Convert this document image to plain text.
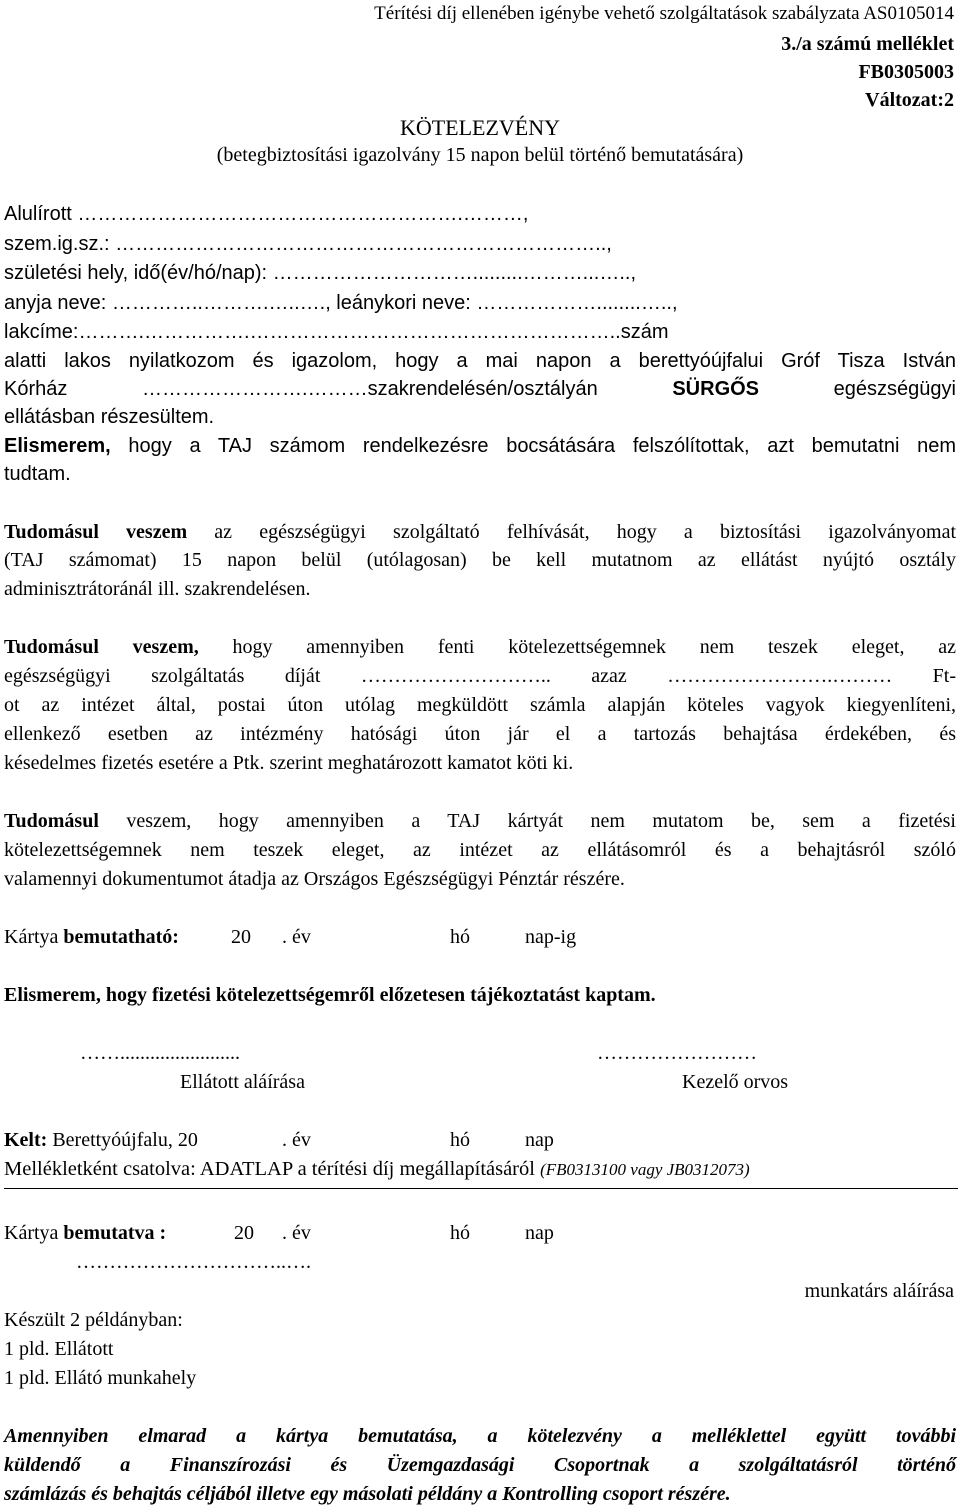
Térítési díj ellenében igénybe vehető szolgáltatások szabályzata AS0105014
3./a számú melléklet
FB0305003
Változat:2
KÖTELEZVÉNY
(betegbiztosítási igazolvány 15 napon belül történő bemutatására)
Alulírott ………………………………………………….………,
szem.ig.sz.: ………………………………………………………………..,
születési hely, idő(év/hó/nap): ………………………….........………...…..,
anyja neve: …………..……….…..…., leánykori neve: ………………........…..,
lakcíme:……….…………….………………………………………………..szám
alatti lakos nyilatkozom és igazolom, hogy a mai napon a berettyóújfalui Gróf Tisza István
Kórház …………………….………szakrendelésén/osztályán SÜRGŐS egészségügyi
ellátásban részesültem.
Elismerem, hogy a TAJ számom rendelkezésre bocsátására felszólítottak, azt bemutatni nem
tudtam.
Tudomásul veszem az egészségügyi szolgáltató felhívását, hogy a biztosítási igazolványomat
(TAJ számomat) 15 napon belül (utólagosan) be kell mutatnom az ellátást nyújtó osztály
adminisztrátoránál ill. szakrendelésen.
Tudomásul veszem, hogy amennyiben fenti kötelezettségemnek nem teszek eleget, az
egészségügyi szolgáltatás díját ……………………….. azaz …………………….……… Ft-
ot az intézet által, postai úton utólag megküldött számla alapján köteles vagyok kiegyenlíteni,
ellenkező esetben az intézmény hatósági úton jár el a tartozás behajtása érdekében, és
késedelmes fizetés esetére a Ptk. szerint meghatározott kamatot köti ki.
Tudomásul veszem, hogy amennyiben a TAJ kártyát nem mutatom be, sem a fizetési
kötelezettségemnek nem teszek eleget, az intézet az ellátásomról és a behajtásról szóló
valamennyi dokumentumot átadja az Országos Egészségügyi Pénztár részére.
Kártya bemutatható:	20 . év	hó	nap-ig
Elismerem, hogy fizetési kötelezettségemről előzetesen tájékoztatást kaptam.
……........................
Ellátott aláírása
……………………
Kezelő orvos
Kelt: Berettyóújfalu, 20	. év	hó	nap
Mellékletként csatolva: ADATLAP a térítési díj megállapításáról (FB0313100 vagy JB0312073)
Kártya bemutatva :	20 . év	hó	nap
…………………………..….
munkatárs aláírása
Készült 2 példányban:
1 pld. Ellátott
1 pld. Ellátó munkahely
Amennyiben elmarad a kártya bemutatása, a kötelezvény a melléklettel együtt további
küldendő a Finanszírozási és Üzemgazdasági Csoportnak a szolgáltatásról történő
számlázás és behajtás céljából illetve egy másolati példány a Kontrolling csoport részére.
